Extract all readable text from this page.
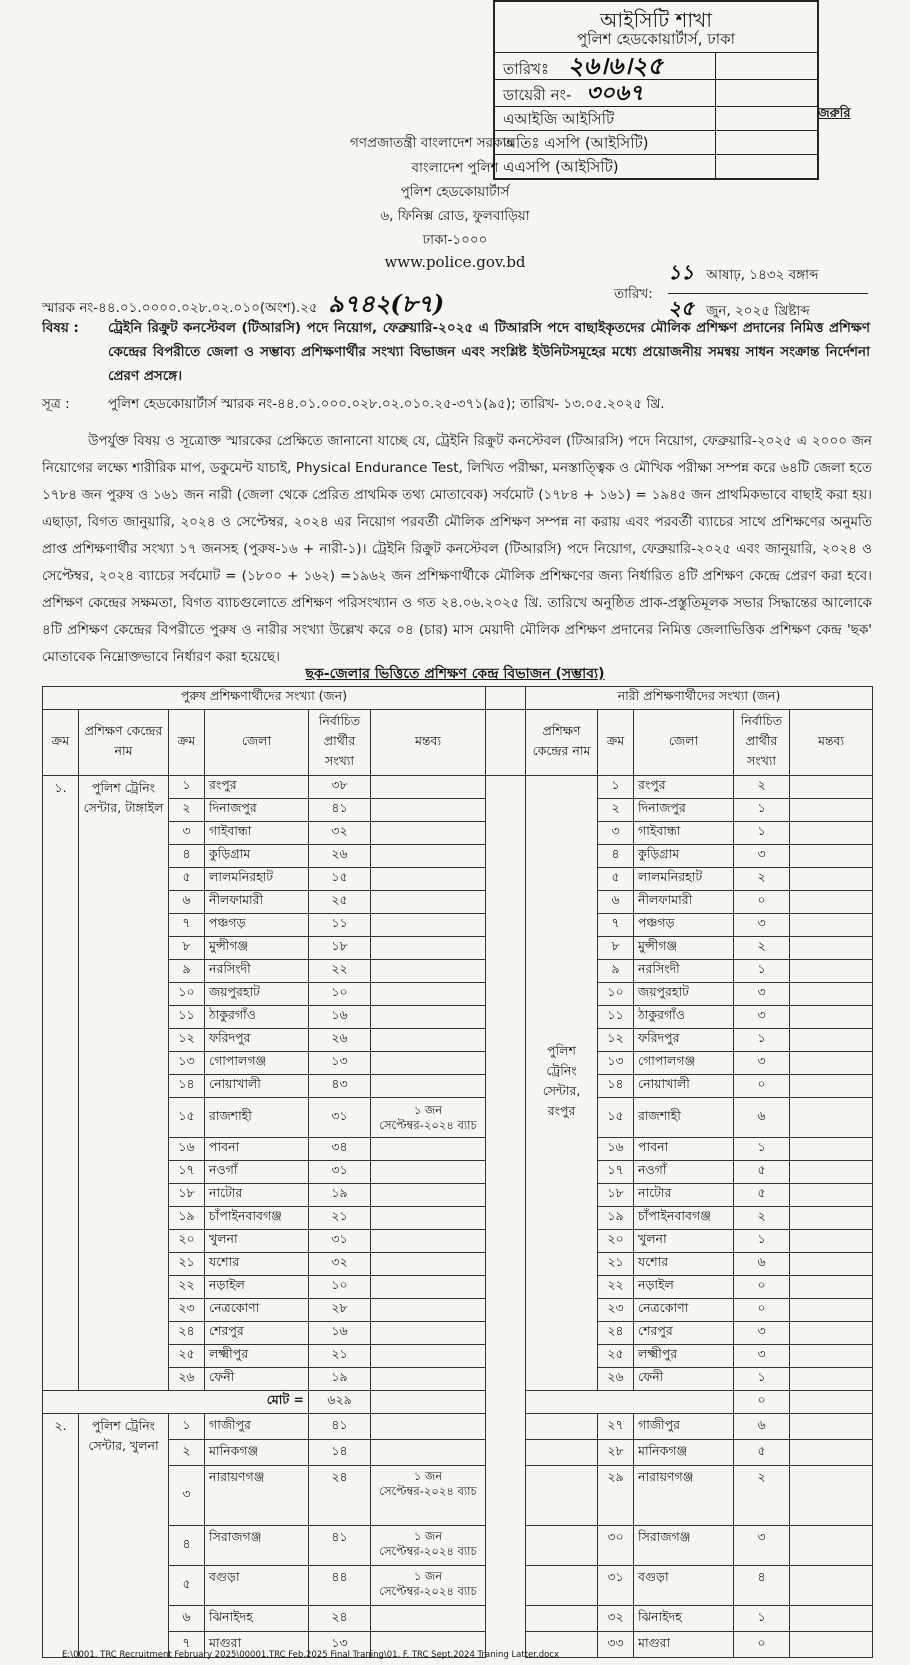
আইসিটি শাখা
পুলিশ হেডকোয়ার্টার্স, ঢাকা
তারিখঃ ২৬।৬।২৫
ডায়েরী নং- ৩০৬৭
এআইজি আইসিটি
অতিঃ এসপি (আইসিটি)
এএসপি (আইসিটি)
জরুরি
গণপ্রজাতন্ত্রী বাংলাদেশ সরকার
বাংলাদেশ পুলিশ
পুলিশ হেডকোয়ার্টার্স
৬, ফিনিক্স রোড, ফুলবাড়িয়া
ঢাকা-১০০০
www.police.gov.bd
স্মারক নং-৪৪.০১.০০০০.০২৮.০২.০১০(অংশ).২৫ ৯৭৪২(৮৭)	তারিখ:
১১ আষাঢ়, ১৪৩২ বঙ্গাব্দ
২৫ জুন, ২০২৫ খ্রিষ্টাব্দ
বিষয় : ট্রেইনি রিক্রুট কনস্টেবল (টিআরসি) পদে নিয়োগ, ফেব্রুয়ারি-২০২৫ এ টিআরসি পদে বাছাইকৃতদের মৌলিক প্রশিক্ষণ প্রদানের নিমিত্ত প্রশিক্ষণ কেন্দ্রের বিপরীতে জেলা ও সম্ভাব্য প্রশিক্ষণার্থীর সংখ্যা বিভাজন এবং সংশ্লিষ্ট ইউনিটসমূহের মধ্যে প্রয়োজনীয় সমন্বয় সাধন সংক্রান্ত নির্দেশনা প্রেরণ প্রসঙ্গে।
সূত্র :	পুলিশ হেডকোয়ার্টার্স স্মারক নং-৪৪.০১.০০০.০২৮.০২.০১০.২৫-৩৭১(৯৫); তারিখ- ১৩.০৫.২০২৫ খ্রি.
উপর্যুক্ত বিষয় ও সূত্রোক্ত স্মারকের প্রেক্ষিতে জানানো যাচ্ছে যে, ট্রেইনি রিক্রুট কনস্টেবল (টিআরসি) পদে নিয়োগ, ফেব্রুয়ারি-২০২৫ এ ২০০০ জন নিয়োগের লক্ষ্যে শারীরিক মাপ, ডকুমেন্ট যাচাই, Physical Endurance Test, লিখিত পরীক্ষা, মনস্তাত্ত্বিক ও মৌখিক পরীক্ষা সম্পন্ন করে ৬৪টি জেলা হতে ১৭৮৪ জন পুরুষ ও ১৬১ জন নারী (জেলা থেকে প্রেরিত প্রাথমিক তথ্য মোতাবেক) সর্বমোট (১৭৮৪ + ১৬১) = ১৯৪৫ জন প্রাথমিকভাবে বাছাই করা হয়। এছাড়া, বিগত জানুয়ারি, ২০২৪ ও সেপ্টেম্বর, ২০২৪ এর নিয়োগ পরবর্তী মৌলিক প্রশিক্ষণ সম্পন্ন না করায় এবং পরবর্তী ব্যাচের সাথে প্রশিক্ষণের অনুমতি প্রাপ্ত প্রশিক্ষণার্থীর সংখ্যা ১৭ জনসহ (পুরুষ-১৬ + নারী-১)। ট্রেইনি রিক্রুট কনস্টেবল (টিআরসি) পদে নিয়োগ, ফেব্রুয়ারি-২০২৫ এবং জানুয়ারি, ২০২৪ ও সেপ্টেম্বর, ২০২৪ ব্যাচের সর্বমোট = (১৮০০ + ১৬২) =১৯৬২ জন প্রশিক্ষণার্থীকে মৌলিক প্রশিক্ষণের জন্য নির্ধারিত ৪টি প্রশিক্ষণ কেন্দ্রে প্রেরণ করা হবে। প্রশিক্ষণ কেন্দ্রের সক্ষমতা, বিগত ব্যাচগুলোতে প্রশিক্ষণ পরিসংখ্যান ও গত ২৪.০৬.২০২৫ খ্রি. তারিখে অনুষ্ঠিত প্রাক-প্রস্তুতিমূলক সভার সিদ্ধান্তের আলোকে ৪টি প্রশিক্ষণ কেন্দ্রের বিপরীতে পুরুষ ও নারীর সংখ্যা উল্লেখ করে ০৪ (চার) মাস মেয়াদী মৌলিক প্রশিক্ষণ প্রদানের নিমিত্ত জেলাভিত্তিক প্রশিক্ষণ কেন্দ্র 'ছক' মোতাবেক নিম্নোক্তভাবে নির্ধারণ করা হয়েছে।
ছক-জেলার ভিত্তিতে প্রশিক্ষণ কেন্দ্র বিভাজন (সম্ভাব্য)
পুরুষ প্রশিক্ষণার্থীদের সংখ্যা (জন)							নারী প্রশিক্ষণার্থীদের সংখ্যা (জন)				
ক্রম	প্রশিক্ষণ কেন্দ্রের নাম	ক্রম	জেলা	নির্বাচিত প্রার্থীর সংখ্যা	মন্তব্য		প্রশিক্ষণ কেন্দ্রের নাম	ক্রম	জেলা	নির্বাচিত প্রার্থীর সংখ্যা	মন্তব্য
১.	পুলিশ ট্রেনিং সেন্টার, টাঙ্গাইল	১	রংপুর	৩৮			পুলিশ ট্রেনিং সেন্টার, রংপুর	১	রংপুর	২	
		২	দিনাজপুর	৪১				২	দিনাজপুর	১	
		৩	গাইবান্ধা	৩২				৩	গাইবান্ধা	১	
		৪	কুড়িগ্রাম	২৬				৪	কুড়িগ্রাম	৩	
		৫	লালমনিরহাট	১৫				৫	লালমনিরহাট	২	
		৬	নীলফামারী	২৫				৬	নীলফামারী	০	
		৭	পঞ্চগড়	১১				৭	পঞ্চগড়	৩	
		৮	মুন্সীগঞ্জ	১৮				৮	মুন্সীগঞ্জ	২	
		৯	নরসিংদী	২২				৯	নরসিংদী	১	
		১০	জয়পুরহাট	১০				১০	জয়পুরহাট	৩	
		১১	ঠাকুরগাঁও	১৬				১১	ঠাকুরগাঁও	৩	
		১২	ফরিদপুর	২৬				১২	ফরিদপুর	১	
		১৩	গোপালগঞ্জ	১৩				১৩	গোপালগঞ্জ	৩	
		১৪	নোয়াখালী	৪৩				১৪	নোয়াখালী	০	
		১৫	রাজশাহী	৩১	১ জন সেপ্টেম্বর-২০২৪ ব্যাচ			১৫	রাজশাহী	৬	
		১৬	পাবনা	৩৪				১৬	পাবনা	১	
		১৭	নওগাঁ	৩১				১৭	নওগাঁ	৫	
		১৮	নাটোর	১৯				১৮	নাটোর	৫	
		১৯	চাঁপাইনবাবগঞ্জ	২১				১৯	চাঁপাইনবাবগঞ্জ	২	
		২০	খুলনা	৩১				২০	খুলনা	১	
		২১	যশোর	৩২				২১	যশোর	৬	
		২২	নড়াইল	১০				২২	নড়াইল	০	
		২৩	নেত্রকোণা	২৮				২৩	নেত্রকোণা	০	
		২৪	শেরপুর	১৬				২৪	শেরপুর	৩	
		২৫	লক্ষ্মীপুর	২১				২৫	লক্ষ্মীপুর	৩	
		২৬	ফেনী	১৯				২৬	ফেনী	১	
মোট =				৬২৯						০	
২.	পুলিশ ট্রেনিং সেন্টার, খুলনা	১	গাজীপুর	৪১				২৭	গাজীপুর	৬	
		২	মানিকগঞ্জ	১৪				২৮	মানিকগঞ্জ	৫	
		৩	নারায়ণগঞ্জ	২৪	১ জন সেপ্টেম্বর-২০২৪ ব্যাচ			২৯	নারায়ণগঞ্জ	২	
		৪	সিরাজগঞ্জ	৪১	১ জন সেপ্টেম্বর-২০২৪ ব্যাচ			৩০	সিরাজগঞ্জ	৩	
		৫	বগুড়া	৪৪	১ জন সেপ্টেম্বর-২০২৪ ব্যাচ			৩১	বগুড়া	৪	
		৬	ঝিনাইদহ	২৪				৩২	ঝিনাইদহ	১	
		৭	মাগুরা	১৩				৩৩	মাগুরা	০	
E:\0001. TRC Recruitment February 2025\00001.TRC Feb.2025 Final Traning\01. F. TRC Sept.2024 Traning Latter.docx
